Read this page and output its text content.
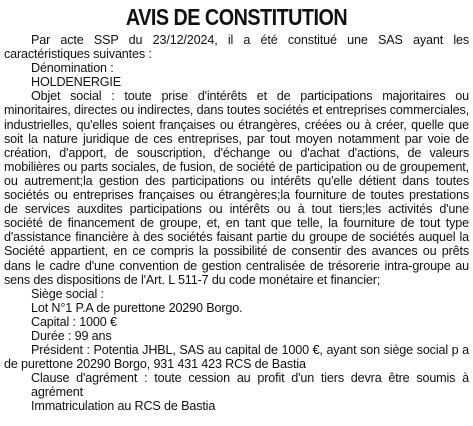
AVIS DE CONSTITUTION

Par acte SSP du 23/12/2024, il a été constitué une SAS ayant les caractéristiques suivantes :

Dénomination :

HOLDENERGIE

Objet social : toute prise d'intérêts et de participations majoritaires ou minoritaires, directes ou indirectes, dans toutes sociétés et entreprises commerciales, industrielles, qu'elles soient françaises ou étrangères, créées ou à créer, quelle que soit la nature juridique de ces entreprises, par tout moyen notamment par voie de création, d'apport, de souscription, d'échange ou d'achat d'actions, de valeurs mobilières ou parts sociales, de fusion, de société de participation ou de groupement, ou autrement;la gestion des participations ou intérêts qu'elle détient dans toutes sociétés ou entreprises françaises ou étrangères;la fourniture de toutes prestations de services auxdites participations ou intérêts ou à tout tiers;les activités d'une société de financement de groupe, et, en tant que telle, la fourniture de tout type d'assistance financière à des sociétés faisant partie du groupe de sociétés auquel la Société appartient, en ce compris la possibilité de consentir des avances ou prêts dans le cadre d'une convention de gestion centralisée de trésorerie intra-groupe au sens des dispositions de l'Art. L 511-7 du code monétaire et financier;

Siège social :

Lot N°1 P.A de purettone 20290 Borgo.

Capital : 1000 €

Durée : 99 ans

Président : Potentia JHBL, SAS au capital de 1000 €, ayant son siège social p a de purettone 20290 Borgo, 931 431 423 RCS de Bastia

Clause d'agrément : toute cession au profit d'un tiers devra être soumis à agrément

Immatriculation au RCS de Bastia
